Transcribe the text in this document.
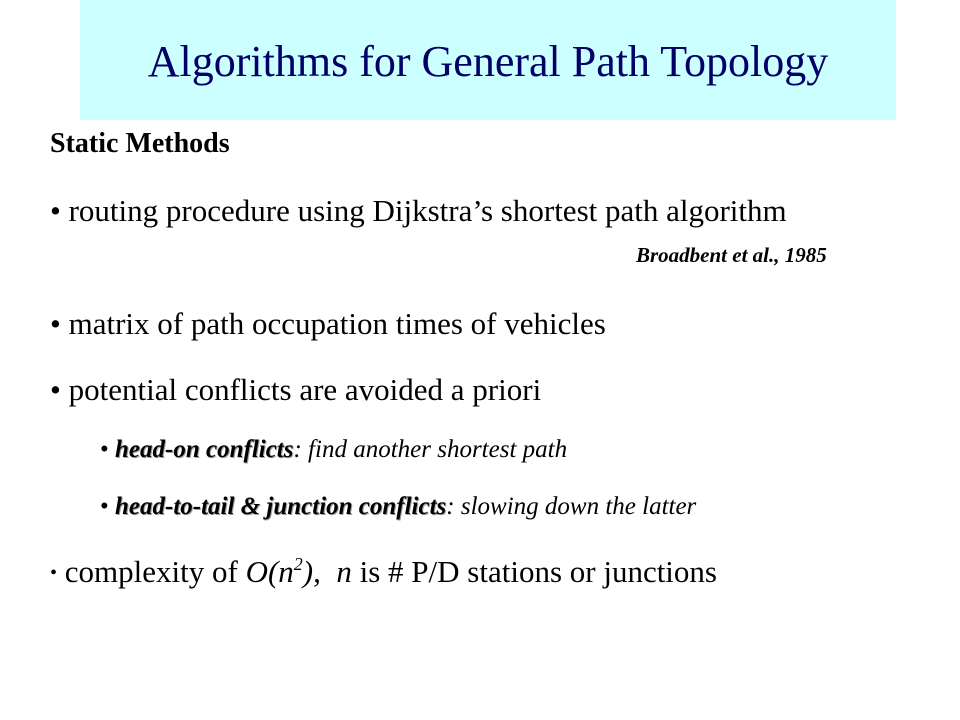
Algorithms for General Path Topology
Static Methods
• routing procedure using Dijkstra’s shortest path algorithm
Broadbent et al., 1985
• matrix of path occupation times of vehicles
• potential conflicts are avoided a priori
• head-on conflicts: find another shortest path
• head-to-tail & junction conflicts: slowing down the latter
• complexity of $O(n^2)$, n is # P/D stations or junctions
